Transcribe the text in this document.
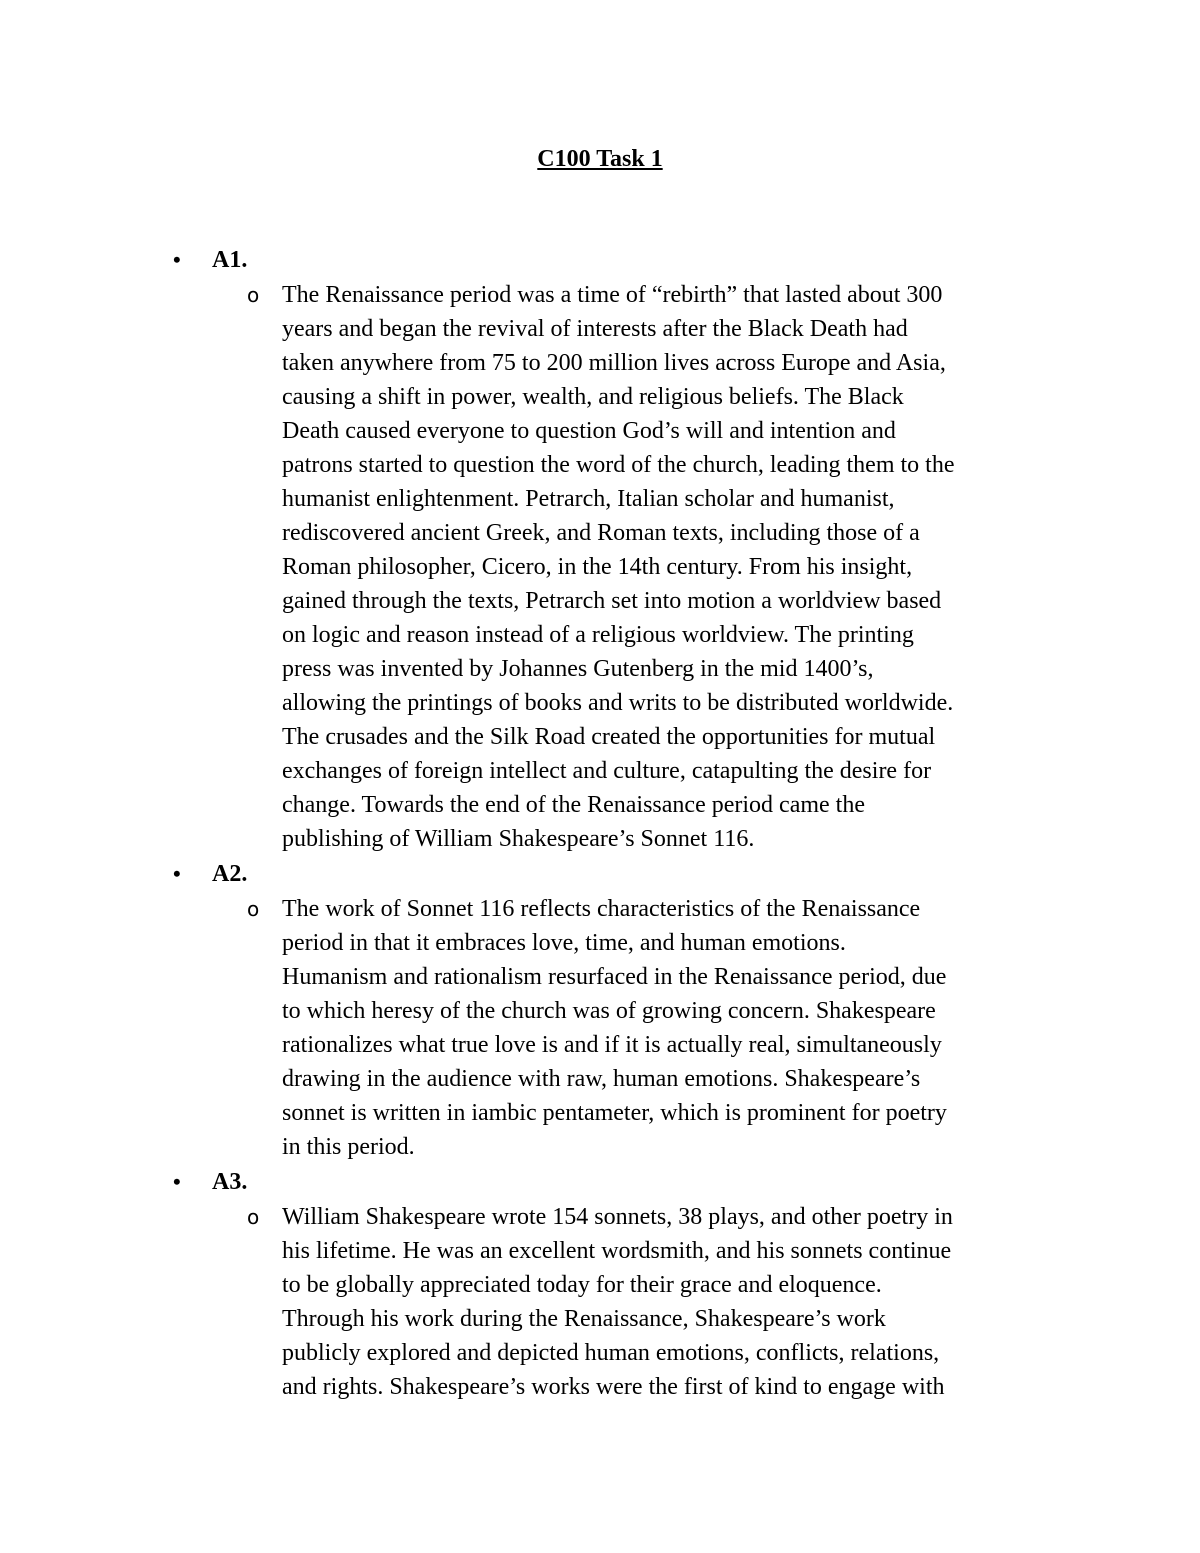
C100 Task 1
• A1.
o The Renaissance period was a time of “rebirth” that lasted about 300
years and began the revival of interests after the Black Death had
taken anywhere from 75 to 200 million lives across Europe and Asia,
causing a shift in power, wealth, and religious beliefs. The Black
Death caused everyone to question God’s will and intention and
patrons started to question the word of the church, leading them to the
humanist enlightenment. Petrarch, Italian scholar and humanist,
rediscovered ancient Greek, and Roman texts, including those of a
Roman philosopher, Cicero, in the 14th century. From his insight,
gained through the texts, Petrarch set into motion a worldview based
on logic and reason instead of a religious worldview. The printing
press was invented by Johannes Gutenberg in the mid 1400’s,
allowing the printings of books and writs to be distributed worldwide.
The crusades and the Silk Road created the opportunities for mutual
exchanges of foreign intellect and culture, catapulting the desire for
change. Towards the end of the Renaissance period came the
publishing of William Shakespeare’s Sonnet 116.
• A2.
o The work of Sonnet 116 reflects characteristics of the Renaissance
period in that it embraces love, time, and human emotions.
Humanism and rationalism resurfaced in the Renaissance period, due
to which heresy of the church was of growing concern. Shakespeare
rationalizes what true love is and if it is actually real, simultaneously
drawing in the audience with raw, human emotions. Shakespeare’s
sonnet is written in iambic pentameter, which is prominent for poetry
in this period.
• A3.
o William Shakespeare wrote 154 sonnets, 38 plays, and other poetry in
his lifetime. He was an excellent wordsmith, and his sonnets continue
to be globally appreciated today for their grace and eloquence.
Through his work during the Renaissance, Shakespeare’s work
publicly explored and depicted human emotions, conflicts, relations,
and rights. Shakespeare’s works were the first of kind to engage with
